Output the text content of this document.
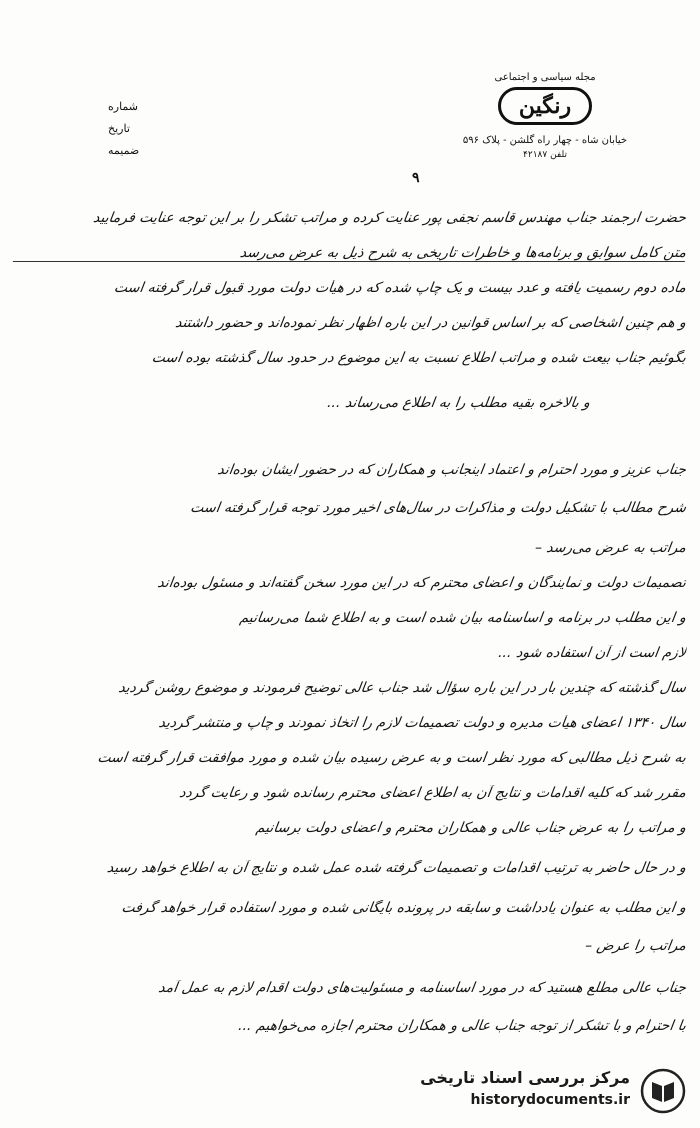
شماره
تاریخ
ضمیمه
مجله سیاسی و اجتماعی
رنگین
خیابان شاه - چهار راه گلشن - پلاک ۵۹۶
تلفن ۴۲۱۸۷
٩
حضرت ارجمند جناب مهندس قاسم نجفی‌‌ پور عنایت کرده و مراتب تشکر را بر این توجه عنایت فرمایید
متن کامل سوابق و برنامه‌ها و خاطرات تاریخی به شرح ذیل به عرض می‌رسد
ماده دوم رسمیت یافته و عدد بیست و یک چاپ شده که در هیأت دولت مورد قبول قرار گرفته است
و هم چنین اشخاصی که بر اساس قوانین در این باره اظهار نظر نموده‌اند و حضور داشتند
بگوئیم جناب بیعت شده و مراتب اطلاع نسبت به این موضوع در حدود سال گذشته بوده است
و بالاخره بقیه مطلب را به اطلاع می‌رساند ...
جناب عزیز و مورد احترام و اعتماد اینجانب و همکاران که در حضور ایشان بوده‌اند
شرح مطالب با تشکیل دولت و مذاکرات در سال‌های اخیر مورد توجه قرار گرفته است
مراتب به عرض می‌رسد –
تصمیمات دولت و نمایندگان و اعضای محترم که در این مورد سخن گفته‌اند و مسئول بوده‌اند
و این مطلب در برنامه و اساسنامه بیان شده است و به اطلاع شما می‌رسانیم
لازم است از آن استفاده شود ...
سال گذشته که چندین بار در این باره سؤال شد جناب عالی توضیح فرمودند و موضوع روشن گردید
سال ۱۳۴۰ اعضای هیأت مدیره و دولت تصمیمات لازم را اتخاذ نمودند و چاپ و منتشر گردید
به شرح ذیل مطالبی که مورد نظر است و به عرض رسیده بیان شده و مورد موافقت قرار گرفته است
مقرر شد که کلیه اقدامات و نتایج آن به اطلاع اعضای محترم رسانده شود و رعایت گردد
و مراتب را به عرض جناب عالی و همکاران محترم و اعضای دولت برسانیم
و در حال حاضر به ترتیب اقدامات و تصمیمات گرفته شده عمل شده و نتایج آن به اطلاع خواهد رسید
و این مطلب به عنوان یادداشت و سابقه در پرونده بایگانی شده و مورد استفاده قرار خواهد گرفت
مراتب را عرض –
جناب عالی مطلع هستید که در مورد اساسنامه و مسئولیت‌های دولت اقدام لازم به عمل آمد
با احترام و با تشکر از توجه جناب عالی و همکاران محترم اجازه می‌خواهیم ...
مرکز بررسی اسناد تاریخی
historydocuments.ir
